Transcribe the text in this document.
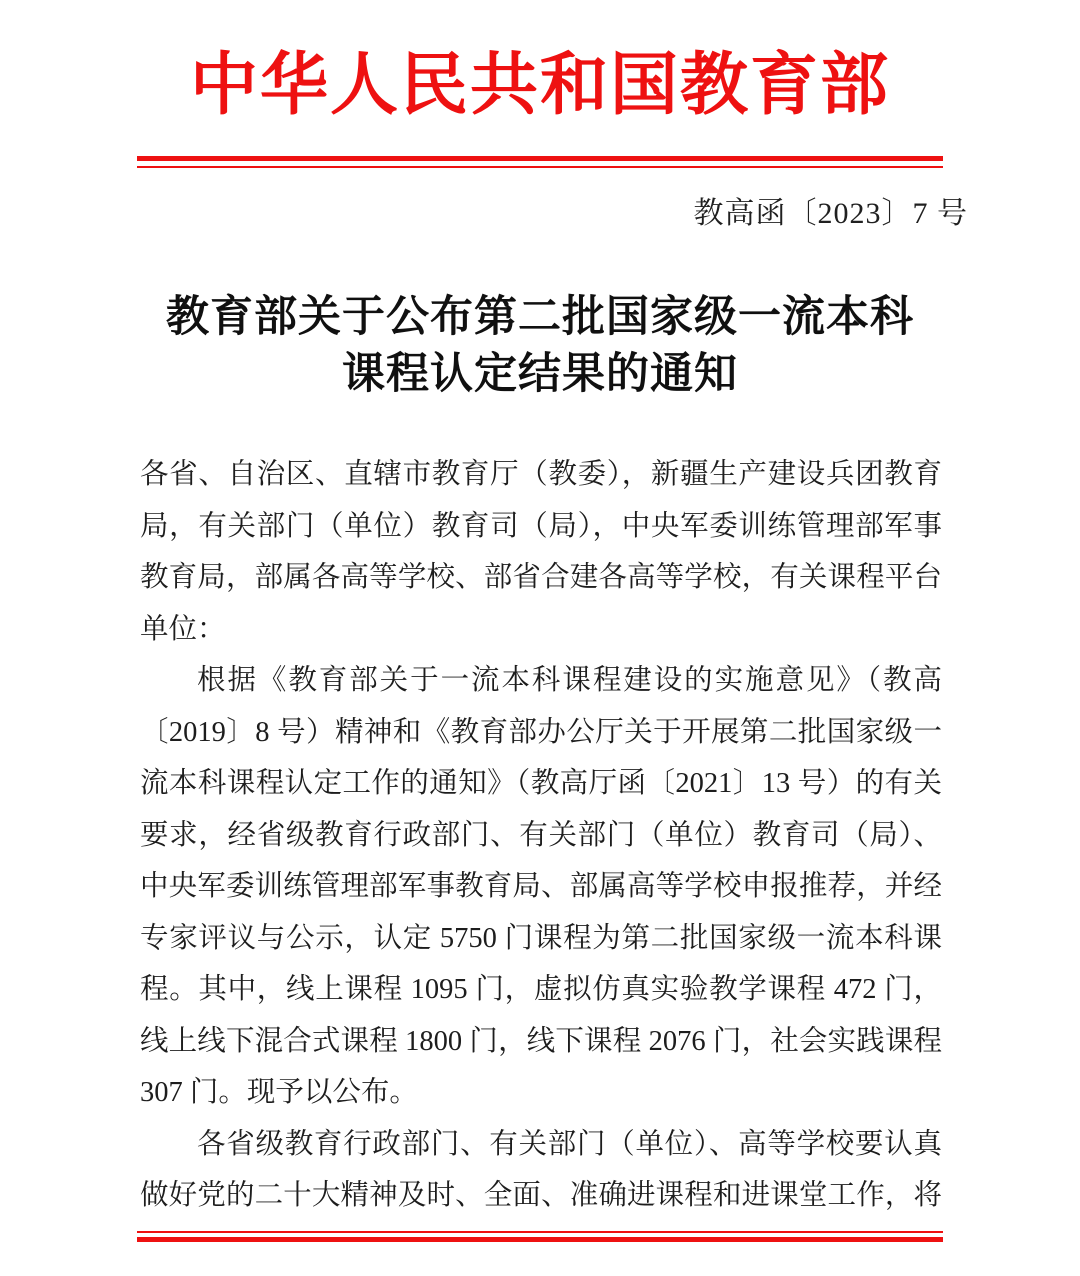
中华人民共和国教育部
教高函〔2023〕7 号
教育部关于公布第二批国家级一流本科
课程认定结果的通知
各省、自治区、直辖市教育厅（教委），新疆生产建设兵团教育
局，有关部门（单位）教育司（局），中央军委训练管理部军事
教育局，部属各高等学校、部省合建各高等学校，有关课程平台
单位：
根据《教育部关于一流本科课程建设的实施意见》（教高
〔2019〕8 号）精神和《教育部办公厅关于开展第二批国家级一
流本科课程认定工作的通知》（教高厅函〔2021〕13 号）的有关
要求，经省级教育行政部门、有关部门（单位）教育司（局）、
中央军委训练管理部军事教育局、部属高等学校申报推荐，并经
专家评议与公示，认定 5750 门课程为第二批国家级一流本科课
程。其中，线上课程 1095 门，虚拟仿真实验教学课程 472 门，
线上线下混合式课程 1800 门，线下课程 2076 门，社会实践课程
307 门。现予以公布。
各省级教育行政部门、有关部门（单位）、高等学校要认真
做好党的二十大精神及时、全面、准确进课程和进课堂工作，将
